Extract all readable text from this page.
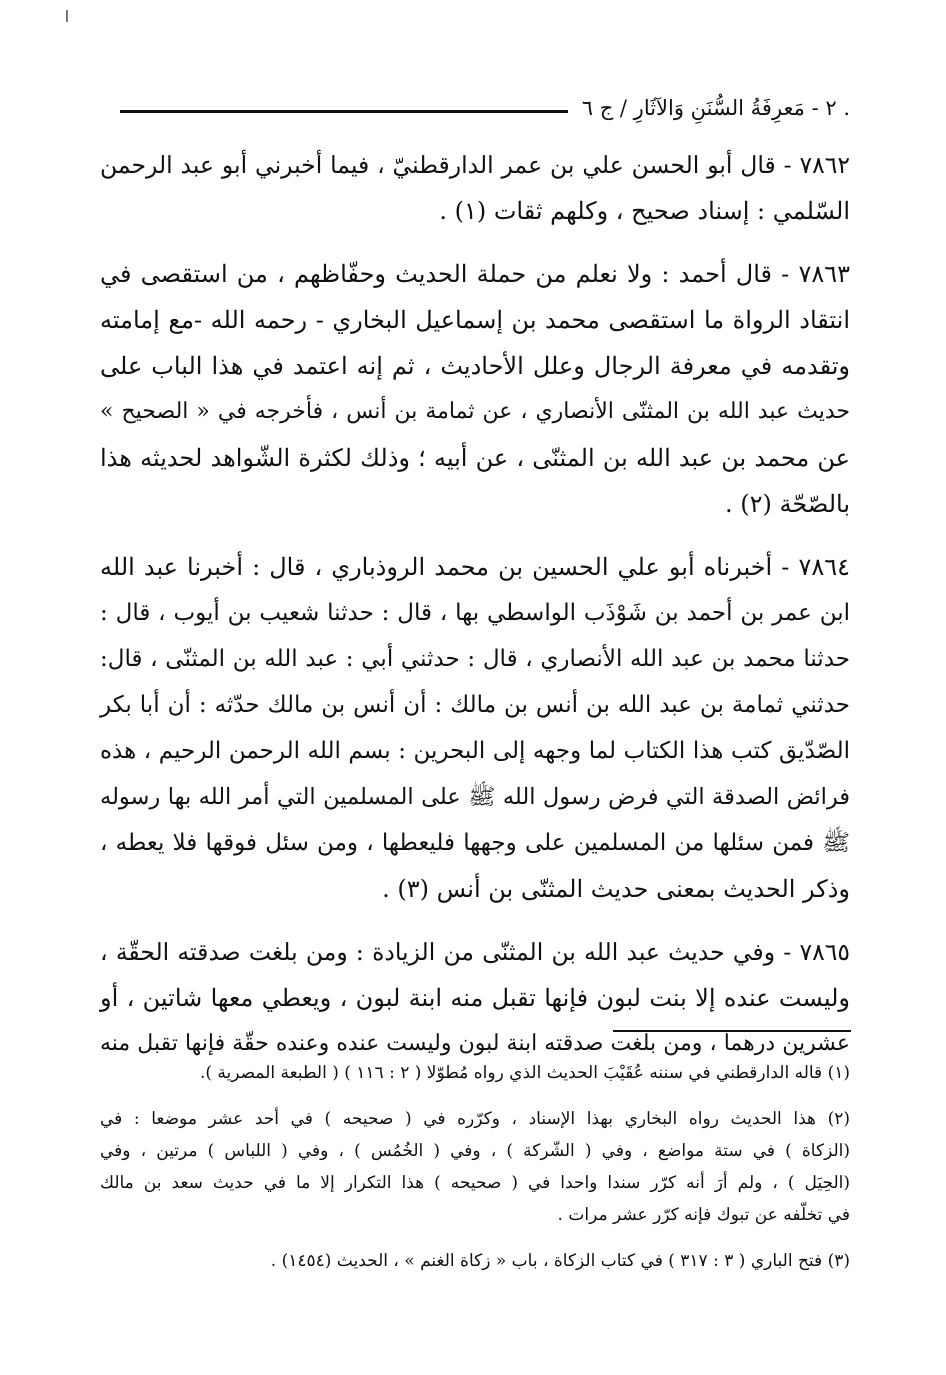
. ٢ - مَعرِفَةُ السُّنَنِ وَالآثَارِ / ج ٦
٧٨٦٢ - قال أبو الحسن علي بن عمر الدارقطنيّ ، فيما أخبرني أبو عبد الرحمن
السّلمي : إسناد صحيح ، وكلهم ثقات (١) .
٧٨٦٣ - قال أحمد : ولا نعلم من حملة الحديث وحفّاظهم ، من استقصى في
انتقاد الرواة ما استقصى محمد بن إسماعيل البخاري - رحمه الله -مع إمامته
وتقدمه في معرفة الرجال وعلل الأحاديث ، ثم إنه اعتمد في هذا الباب على
حديث عبد الله بن المثنّى الأنصاري ، عن ثمامة بن أنس ، فأخرجه في « الصحيح »
عن محمد بن عبد الله بن المثنّى ، عن أبيه ؛ وذلك لكثرة الشّواهد لحديثه هذا
بالصّحّة (٢) .
٧٨٦٤ - أخبرناه أبو علي الحسين بن محمد الروذباري ، قال : أخبرنا عبد الله
ابن عمر بن أحمد بن شَوْذَب الواسطي بها ، قال : حدثنا شعيب بن أيوب ، قال :
حدثنا محمد بن عبد الله الأنصاري ، قال : حدثني أبي : عبد الله بن المثنّى ، قال:
حدثني ثمامة بن عبد الله بن أنس بن مالك : أن أنس بن مالك حدّثه : أن أبا بكر
الصّدّيق كتب هذا الكتاب لما وجهه إلى البحرين : بسم الله الرحمن الرحيم ، هذه
فرائض الصدقة التي فرض رسول الله ﷺ على المسلمين التي أمر الله بها رسوله
ﷺ فمن سئلها من المسلمين على وجهها فليعطها ، ومن سئل فوقها فلا يعطه ،
وذكر الحديث بمعنى حديث المثنّى بن أنس (٣) .
٧٨٦٥ - وفي حديث عبد الله بن المثنّى من الزيادة : ومن بلغت صدقته الحقّة ،
وليست عنده إلا بنت لبون فإنها تقبل منه ابنة لبون ، ويعطي معها شاتين ، أو
عشرين درهما ، ومن بلغت صدقته ابنة لبون وليست عنده وعنده حقّة فإنها تقبل منه
(١) قاله الدارقطني في سننه عُقَيْبَ الحديث الذي رواه مُطوّلا ( ٢ : ١١٦ ) ( الطبعة المصرية ).
(٢) هذا الحديث رواه البخاري بهذا الإسناد ، وكرّره في ( صحيحه ) في أحد عشر موضعا : في
(الزكاة ) في ستة مواضع ، وفي ( الشّركة ) ، وفي ( الخُمُس ) ، وفي ( اللباس ) مرتين ، وفي
(الحِيَل ) ، ولم أرَ أنه كرّر سندا واحدا في ( صحيحه ) هذا التكرار إلا ما في حديث سعد بن مالك
في تخلّفه عن تبوك فإنه كرّر عشر مرات .
(٣) فتح الباري ( ٣ : ٣١٧ ) في كتاب الزكاة ، باب « زكاة الغنم » ، الحديث (١٤٥٤) .
